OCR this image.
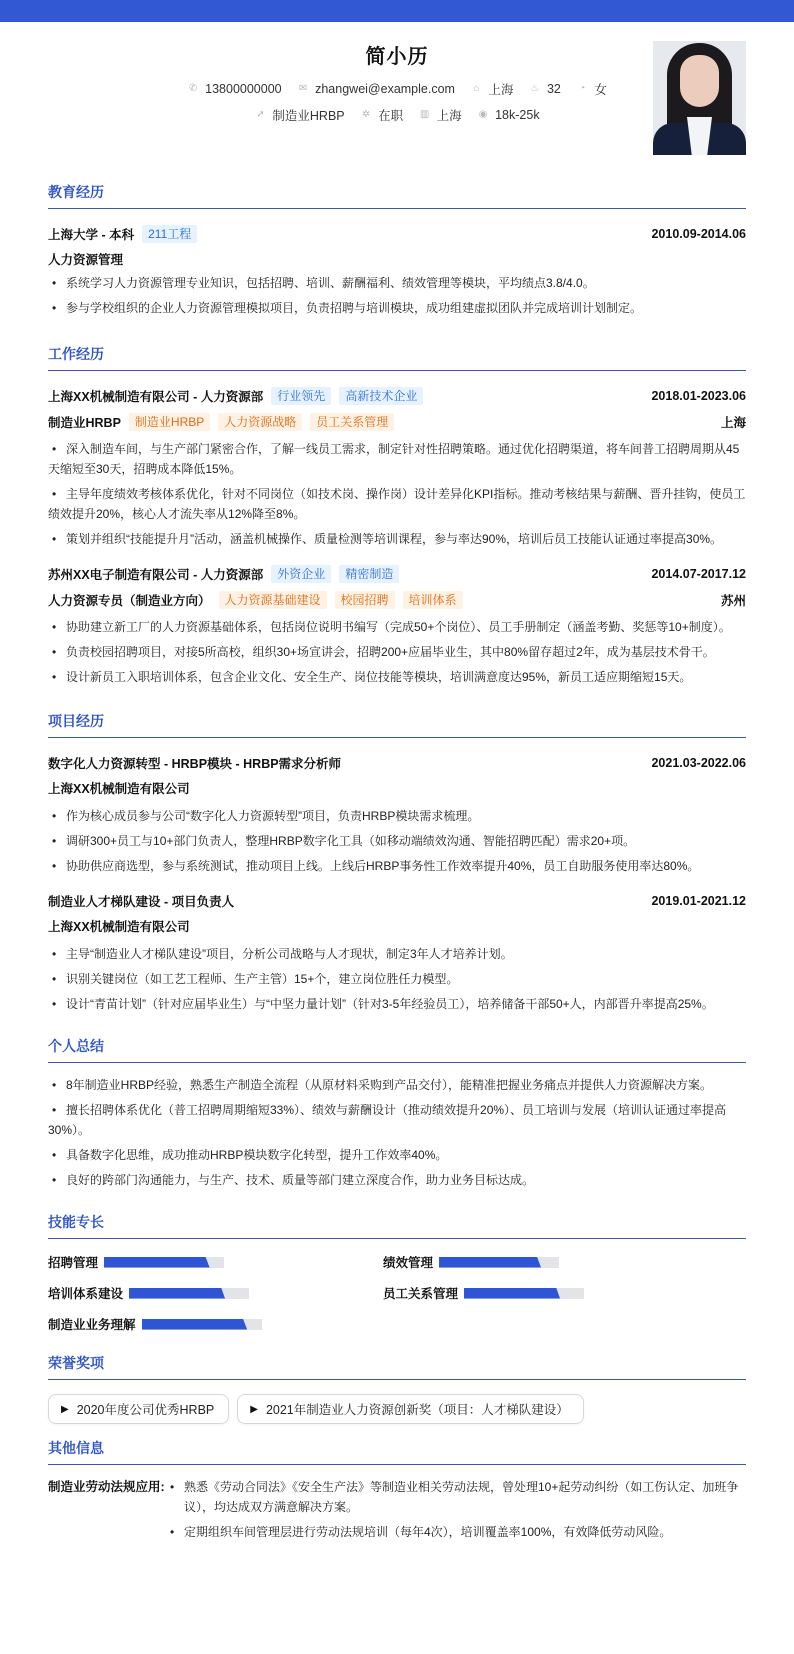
简小历
✆ 13800000000
✉ zhangwei@example.com
⌂ 上海
♨ 32
◔ 女
➚ 制造业HRBP
✲ 在职
▥ 上海
◉ 18k-25k
教育经历
上海大学 - 本科	211工程	2010.09-2014.06
人力资源管理
• 系统学习人力资源管理专业知识，包括招聘、培训、薪酬福利、绩效管理等模块，平均绩点3.8/4.0。
• 参与学校组织的企业人力资源管理模拟项目，负责招聘与培训模块，成功组建虚拟团队并完成培训计划制定。
工作经历
上海XX机械制造有限公司 - 人力资源部	行业领先	高新技术企业	2018.01-2023.06
制造业HRBP	制造业HRBP	人力资源战略	员工关系管理	上海
• 深入制造车间，与生产部门紧密合作，了解一线员工需求，制定针对性招聘策略。通过优化招聘渠道，将车间普工招聘周期从45天缩短至30天，招聘成本降低15%。
• 主导年度绩效考核体系优化，针对不同岗位（如技术岗、操作岗）设计差异化KPI指标。推动考核结果与薪酬、晋升挂钩，使员工绩效提升20%，核心人才流失率从12%降至8%。
• 策划并组织“技能提升月”活动，涵盖机械操作、质量检测等培训课程，参与率达90%，培训后员工技能认证通过率提高30%。
苏州XX电子制造有限公司 - 人力资源部	外资企业	精密制造	2014.07-2017.12
人力资源专员（制造业方向）	人力资源基础建设	校园招聘	培训体系	苏州
• 协助建立新工厂的人力资源基础体系，包括岗位说明书编写（完成50+个岗位）、员工手册制定（涵盖考勤、奖惩等10+制度）。
• 负责校园招聘项目，对接5所高校，组织30+场宣讲会，招聘200+应届毕业生，其中80%留存超过2年，成为基层技术骨干。
• 设计新员工入职培训体系，包含企业文化、安全生产、岗位技能等模块，培训满意度达95%，新员工适应期缩短15天。
项目经历
数字化人力资源转型 - HRBP模块 - HRBP需求分析师	2021.03-2022.06
上海XX机械制造有限公司
• 作为核心成员参与公司“数字化人力资源转型”项目，负责HRBP模块需求梳理。
• 调研300+员工与10+部门负责人，整理HRBP数字化工具（如移动端绩效沟通、智能招聘匹配）需求20+项。
• 协助供应商选型，参与系统测试，推动项目上线。上线后HRBP事务性工作效率提升40%，员工自助服务使用率达80%。
制造业人才梯队建设 - 项目负责人	2019.01-2021.12
上海XX机械制造有限公司
• 主导“制造业人才梯队建设”项目，分析公司战略与人才现状，制定3年人才培养计划。
• 识别关键岗位（如工艺工程师、生产主管）15+个，建立岗位胜任力模型。
• 设计“青苗计划”（针对应届毕业生）与“中坚力量计划”（针对3-5年经验员工），培养储备干部50+人，内部晋升率提高25%。
个人总结
• 8年制造业HRBP经验，熟悉生产制造全流程（从原材料采购到产品交付），能精准把握业务痛点并提供人力资源解决方案。
• 擅长招聘体系优化（普工招聘周期缩短33%）、绩效与薪酬设计（推动绩效提升20%）、员工培训与发展（培训认证通过率提高30%）。
• 具备数字化思维，成功推动HRBP模块数字化转型，提升工作效率40%。
• 良好的跨部门沟通能力，与生产、技术、质量等部门建立深度合作，助力业务目标达成。
技能专长
招聘管理	绩效管理
培训体系建设	员工关系管理
制造业业务理解
荣誉奖项
▶ 2020年度公司优秀HRBP	▶ 2021年制造业人力资源创新奖（项目：人才梯队建设）
其他信息
制造业劳动法规应用:	• 熟悉《劳动合同法》《安全生产法》等制造业相关劳动法规，曾处理10+起劳动纠纷（如工伤认定、加班争议），均达成双方满意解决方案。
• 定期组织车间管理层进行劳动法规培训（每年4次），培训覆盖率100%，有效降低劳动风险。
